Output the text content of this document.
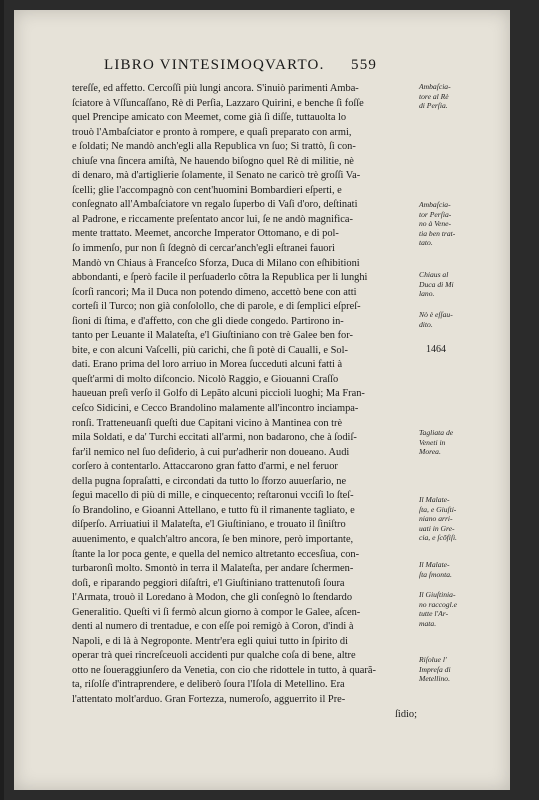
LIBRO VINTESIMOQVARTO. 559
tereſſe, ed affetto. Cercoſſi più lungi ancora. S'inuiò parimenti Amba-
ſciatore à Vſſuncaſſano, Rè di Perſia, Lazzaro Quirini, e benche ſi foſſe
quel Prencipe amicato con Meemet, come già ſi diſſe, tuttauolta lo
trouò l'Ambaſciator e pronto à rompere, e quaſi preparato con armi,
e ſoldati; Ne mandò anch'egli alla Republica vn ſuo; Si trattò, ſi con-
chiuſe vna ſincera amiſtà, Ne hauendo biſogno quel Rè di militie, nè
di denaro, mà d'artiglierie ſolamente, il Senato ne caricò trè groſſi Va-
ſcelli; glie l'accompagnò con cent'huomini Bombardieri eſperti, e
conſegnato all'Ambaſciatore vn regalo ſuperbo di Vaſi d'oro, deſtinati
al Padrone, e riccamente preſentato ancor lui, ſe ne andò magnifica-
mente trattato. Meemet, ancorche Imperator Ottomano, e di pol-
ſo immenſo, pur non ſi ſdegnò di cercar'anch'egli eſtranei fauori
Mandò vn Chiaus à Franceſco Sforza, Duca di Milano con eſhibitioni
abbondanti, e ſperò facile il perſuaderlo cõtra la Republica per li lunghi
ſcorſi rancori; Ma il Duca non potendo dimeno, accettò bene con atti
corteſi il Turco; non già conſolollo, che di parole, e di ſemplici eſpreſ-
ſioni di ſtima, e d'affetto, con che gli diede congedo. Partirono in-
tanto per Leuante il Malateſta, e'l Giuſtiniano con trè Galee ben for-
bite, e con alcuni Vaſcelli, più carichi, che ſi potè di Caualli, e Sol-
dati. Erano prima del loro arriuo in Morea ſucceduti alcuni fatti à
queſt'armi di molto diſconcio. Nicolò Raggio, e Giouanni Craſſo
haueuan preſi verſo il Golfo di Lepãto alcuni piccioli luoghi; Ma Fran-
ceſco Sidicini, e Cecco Brandolino malamente all'incontro inciampa-
ronſi. Tratteneuanſi queſti due Capitani vicino à Mantinea con trè
mila Soldati, e da' Turchi eccitati all'armi, non badarono, che à ſodiſ-
far'il nemico nel ſuo deſiderio, à cui pur'adherir non doueano. Audi
corſero à contentarlo. Attaccarono gran fatto d'armi, e nel feruor
della pugna ſopraſatti, e circondati da tutto lo ſforzo auuerſario, ne
ſeguì macello di più di mille, e cinquecento; reſtaronui vcciſi lo ſteſ-
ſo Brandolino, e Gioanni Attellano, e tutto fù il rimanente tagliato, e
diſperſo. Arriuatiui il Malateſta, e'l Giuſtiniano, e trouato il ſiniſtro
auuenimento, e qualch'altro ancora, ſe ben minore, però importante,
ſtante la lor poca gente, e quella del nemico altretanto eccesſiua, con-
turbaronſi molto. Smontò in terra il Malateſta, per andare ſchermen-
doſi, e riparando peggiori diſaſtri, e'l Giuſtiniano trattenutoſi ſoura
l'Armata, trouò il Loredano à Modon, che gli conſegnò lo ſtendardo
Generalitio. Queſti vi ſi fermò alcun giorno à compor le Galee, aſcen-
denti al numero di trentadue, e con eſſe poi remigò à Coron, d'indi à
Napoli, e di là à Negroponte. Mentr'era egli quiui tutto in ſpirito di
operar trà quei rincreſceuoli accidenti pur qualche coſa di bene, altre
otto ne ſoueraggiunſero da Venetia, con cio che ridottele in tutto, à quarã-
ta, riſolſe d'intraprendere, e deliberò ſoura l'Iſola di Metellino. Era
l'attentato molt'arduo. Gran Fortezza, numeroſo, agguerrito il Pre-
ſidio;
Ambaſcia-
tore al Rè
di Perſia.
Ambaſcia-
tor Perſia-
no à Vene-
tia ben trat-
tato.
Chiaus al
Duca di Mi
lano.
Nò è eſſau-
dito.
1464
Tagliata de
Veneti in
Morea.
Il Malate-
ſta, e Giuſti-
niano arri-
uati in Gre-
cia, e ſcõfiſi.
Il Malate-
ſta ſmonta.
Il Giuſtinia-
no raccogl.e
tutte l'Ar-
mata.
Riſolue l'
Impreſa di
Metellino.
